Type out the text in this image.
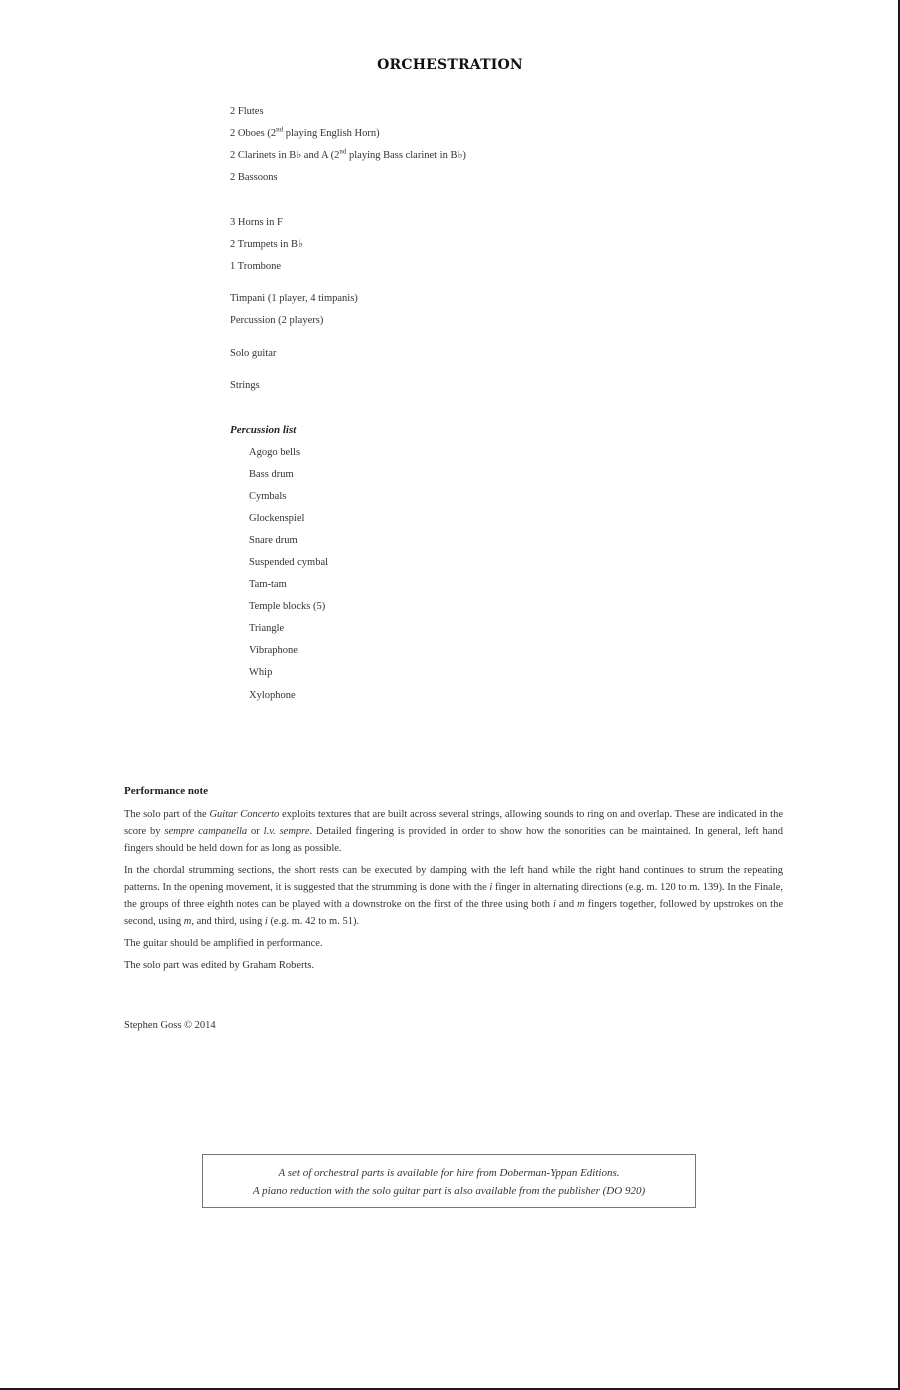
ORCHESTRATION
2 Flutes
2 Oboes (2nd playing English Horn)
2 Clarinets in B♭ and A (2nd playing Bass clarinet in B♭)
2 Bassoons
3 Horns in F
2 Trumpets in B♭
1 Trombone
Timpani (1 player, 4 timpanis)
Percussion (2 players)
Solo guitar
Strings
Percussion list
Agogo bells
Bass drum
Cymbals
Glockenspiel
Snare drum
Suspended cymbal
Tam-tam
Temple blocks (5)
Triangle
Vibraphone
Whip
Xylophone
Performance note

The solo part of the Guitar Concerto exploits textures that are built across several strings, allowing sounds to ring on and overlap. These are indicated in the score by sempre campanella or l.v. sempre. Detailed fingering is provided in order to show how the sonorities can be maintained. In general, left hand fingers should be held down for as long as possible.

In the chordal strumming sections, the short rests can be executed by damping with the left hand while the right hand continues to strum the repeating patterns. In the opening movement, it is suggested that the strumming is done with the i finger in alternating directions (e.g. m. 120 to m. 139). In the Finale, the groups of three eighth notes can be played with a downstroke on the first of the three using both i and m fingers together, followed by upstrokes on the second, using m, and third, using i (e.g. m. 42 to m. 51).

The guitar should be amplified in performance.

The solo part was edited by Graham Roberts.

Stephen Goss © 2014
A set of orchestral parts is available for hire from Doberman-Yppan Editions.
A piano reduction with the solo guitar part is also available from the publisher (DO 920)
